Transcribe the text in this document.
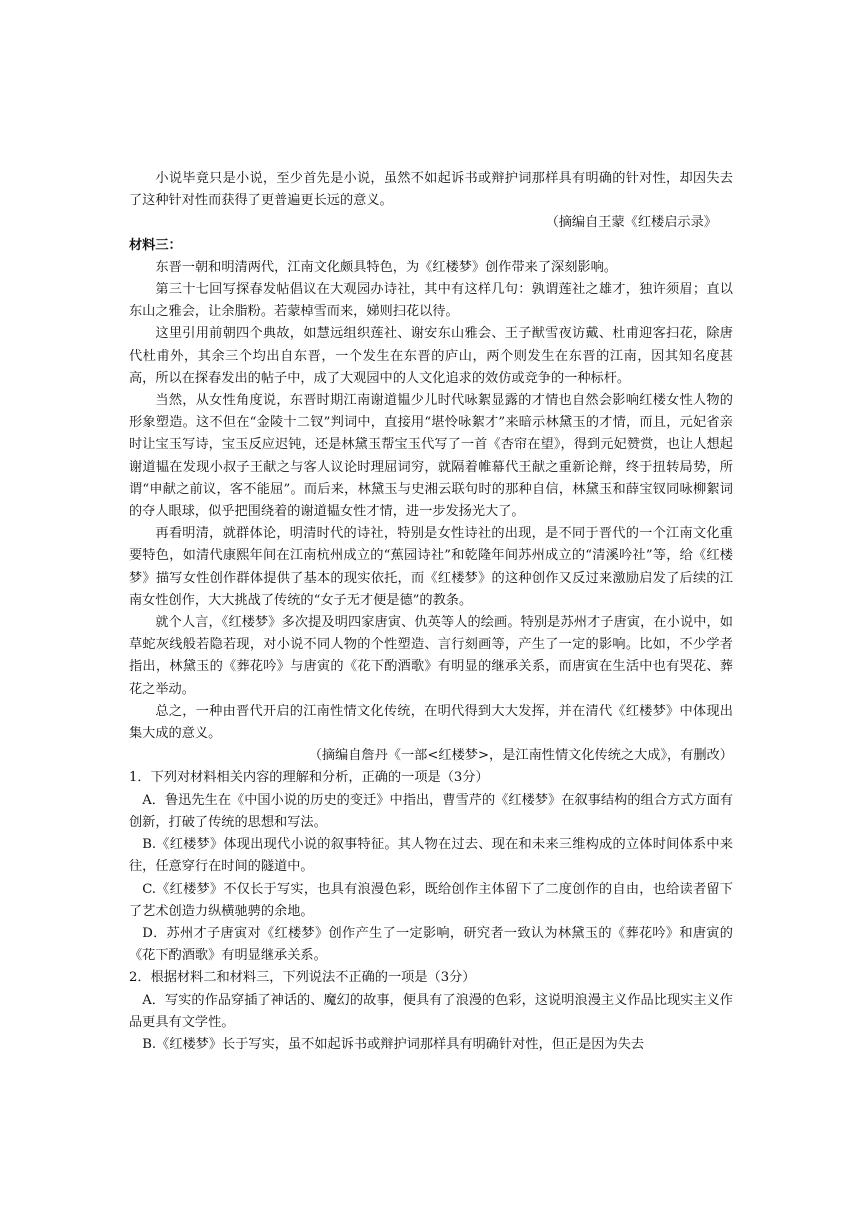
小说毕竟只是小说，至少首先是小说，虽然不如起诉书或辩护词那样具有明确的针对性，却因失去了这种针对性而获得了更普遍更长远的意义。

（摘编自王蒙《红楼启示录》

材料三：

东晋一朝和明清两代，江南文化颇具特色，为《红楼梦》创作带来了深刻影响。

第三十七回写探春发帖倡议在大观园办诗社，其中有这样几句：孰谓莲社之雄才，独许须眉；直以东山之雅会，让余脂粉。若蒙棹雪而来，娣则扫花以待。

这里引用前朝四个典故，如慧远组织莲社、谢安东山雅会、王子猷雪夜访戴、杜甫迎客扫花，除唐代杜甫外，其余三个均出自东晋，一个发生在东晋的庐山，两个则发生在东晋的江南，因其知名度甚高，所以在探春发出的帖子中，成了大观园中的人文化追求的效仿或竞争的一种标杆。

当然，从女性角度说，东晋时期江南谢道韫少儿时代咏絮显露的才情也自然会影响红楼女性人物的形象塑造。这不但在“金陵十二钗”判词中，直接用“堪怜咏絮才”来暗示林黛玉的才情，而且，元妃省亲时让宝玉写诗，宝玉反应迟钝，还是林黛玉帮宝玉代写了一首《杏帘在望》，得到元妃赞赏，也让人想起谢道韫在发现小叔子王献之与客人议论时理屈词穷，就隔着帷幕代王献之重新论辩，终于扭转局势，所谓“申献之前议，客不能屈”。而后来，林黛玉与史湘云联句时的那种自信，林黛玉和薛宝钗同咏柳絮词的夺人眼球，似乎把围绕着的谢道韫女性才情，进一步发扬光大了。

再看明清，就群体论，明清时代的诗社，特别是女性诗社的出现，是不同于晋代的一个江南文化重要特色，如清代康熙年间在江南杭州成立的“蕉园诗社”和乾隆年间苏州成立的“清溪吟社”等，给《红楼梦》描写女性创作群体提供了基本的现实依托，而《红楼梦》的这种创作又反过来激励启发了后续的江南女性创作，大大挑战了传统的“女子无才便是德”的教条。

就个人言，《红楼梦》多次提及明四家唐寅、仇英等人的绘画。特别是苏州才子唐寅，在小说中，如草蛇灰线般若隐若现，对小说不同人物的个性塑造、言行刻画等，产生了一定的影响。比如，不少学者指出，林黛玉的《葬花吟》与唐寅的《花下酌酒歌》有明显的继承关系，而唐寅在生活中也有哭花、葬花之举动。

总之，一种由晋代开启的江南性情文化传统，在明代得到大大发挥，并在清代《红楼梦》中体现出集大成的意义。

（摘编自詹丹《一部<红楼梦>，是江南性情文化传统之大成》，有删改）

1．下列对材料相关内容的理解和分析，正确的一项是（3分）

A．鲁迅先生在《中国小说的历史的变迁》中指出，曹雪芹的《红楼梦》在叙事结构的组合方式方面有创新，打破了传统的思想和写法。

B.《红楼梦》体现出现代小说的叙事特征。其人物在过去、现在和未来三维构成的立体时间体系中来往，任意穿行在时间的隧道中。

C.《红楼梦》不仅长于写实，也具有浪漫色彩，既给创作主体留下了二度创作的自由，也给读者留下了艺术创造力纵横驰骋的余地。

D．苏州才子唐寅对《红楼梦》创作产生了一定影响，研究者一致认为林黛玉的《葬花吟》和唐寅的《花下酌酒歌》有明显继承关系。

2．根据材料二和材料三，下列说法不正确的一项是（3分）

A．写实的作品穿插了神话的、魔幻的故事，便具有了浪漫的色彩，这说明浪漫主义作品比现实主义作品更具有文学性。

B.《红楼梦》长于写实，虽不如起诉书或辩护词那样具有明确针对性，但正是因为失去
